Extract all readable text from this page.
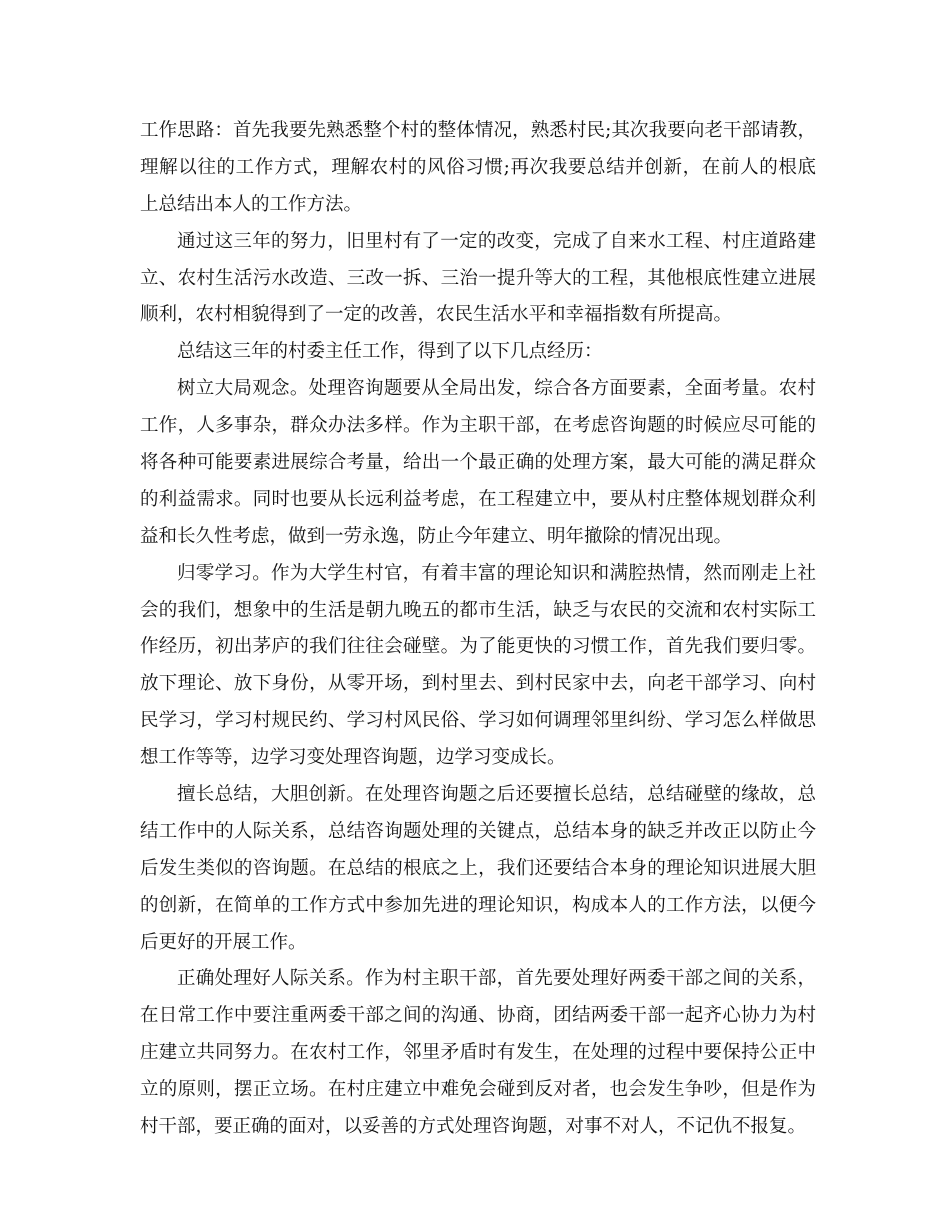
工作思路：首先我要先熟悉整个村的整体情况，熟悉村民;其次我要向老干部请教，
理解以往的工作方式，理解农村的风俗习惯;再次我要总结并创新，在前人的根底
上总结出本人的工作方法。
通过这三年的努力，旧里村有了一定的改变，完成了自来水工程、村庄道路建
立、农村生活污水改造、三改一拆、三治一提升等大的工程，其他根底性建立进展
顺利，农村相貌得到了一定的改善，农民生活水平和幸福指数有所提高。
总结这三年的村委主任工作，得到了以下几点经历：
树立大局观念。处理咨询题要从全局出发，综合各方面要素，全面考量。农村
工作，人多事杂，群众办法多样。作为主职干部，在考虑咨询题的时候应尽可能的
将各种可能要素进展综合考量，给出一个最正确的处理方案，最大可能的满足群众
的利益需求。同时也要从长远利益考虑，在工程建立中，要从村庄整体规划群众利
益和长久性考虑，做到一劳永逸，防止今年建立、明年撤除的情况出现。
归零学习。作为大学生村官，有着丰富的理论知识和满腔热情，然而刚走上社
会的我们，想象中的生活是朝九晚五的都市生活，缺乏与农民的交流和农村实际工
作经历，初出茅庐的我们往往会碰壁。为了能更快的习惯工作，首先我们要归零。
放下理论、放下身份，从零开场，到村里去、到村民家中去，向老干部学习、向村
民学习，学习村规民约、学习村风民俗、学习如何调理邻里纠纷、学习怎么样做思
想工作等等，边学习变处理咨询题，边学习变成长。
擅长总结，大胆创新。在处理咨询题之后还要擅长总结，总结碰壁的缘故，总
结工作中的人际关系，总结咨询题处理的关键点，总结本身的缺乏并改正以防止今
后发生类似的咨询题。在总结的根底之上，我们还要结合本身的理论知识进展大胆
的创新，在简单的工作方式中参加先进的理论知识，构成本人的工作方法，以便今
后更好的开展工作。
正确处理好人际关系。作为村主职干部，首先要处理好两委干部之间的关系，
在日常工作中要注重两委干部之间的沟通、协商，团结两委干部一起齐心协力为村
庄建立共同努力。在农村工作，邻里矛盾时有发生，在处理的过程中要保持公正中
立的原则，摆正立场。在村庄建立中难免会碰到反对者，也会发生争吵，但是作为
村干部，要正确的面对，以妥善的方式处理咨询题，对事不对人，不记仇不报复。
